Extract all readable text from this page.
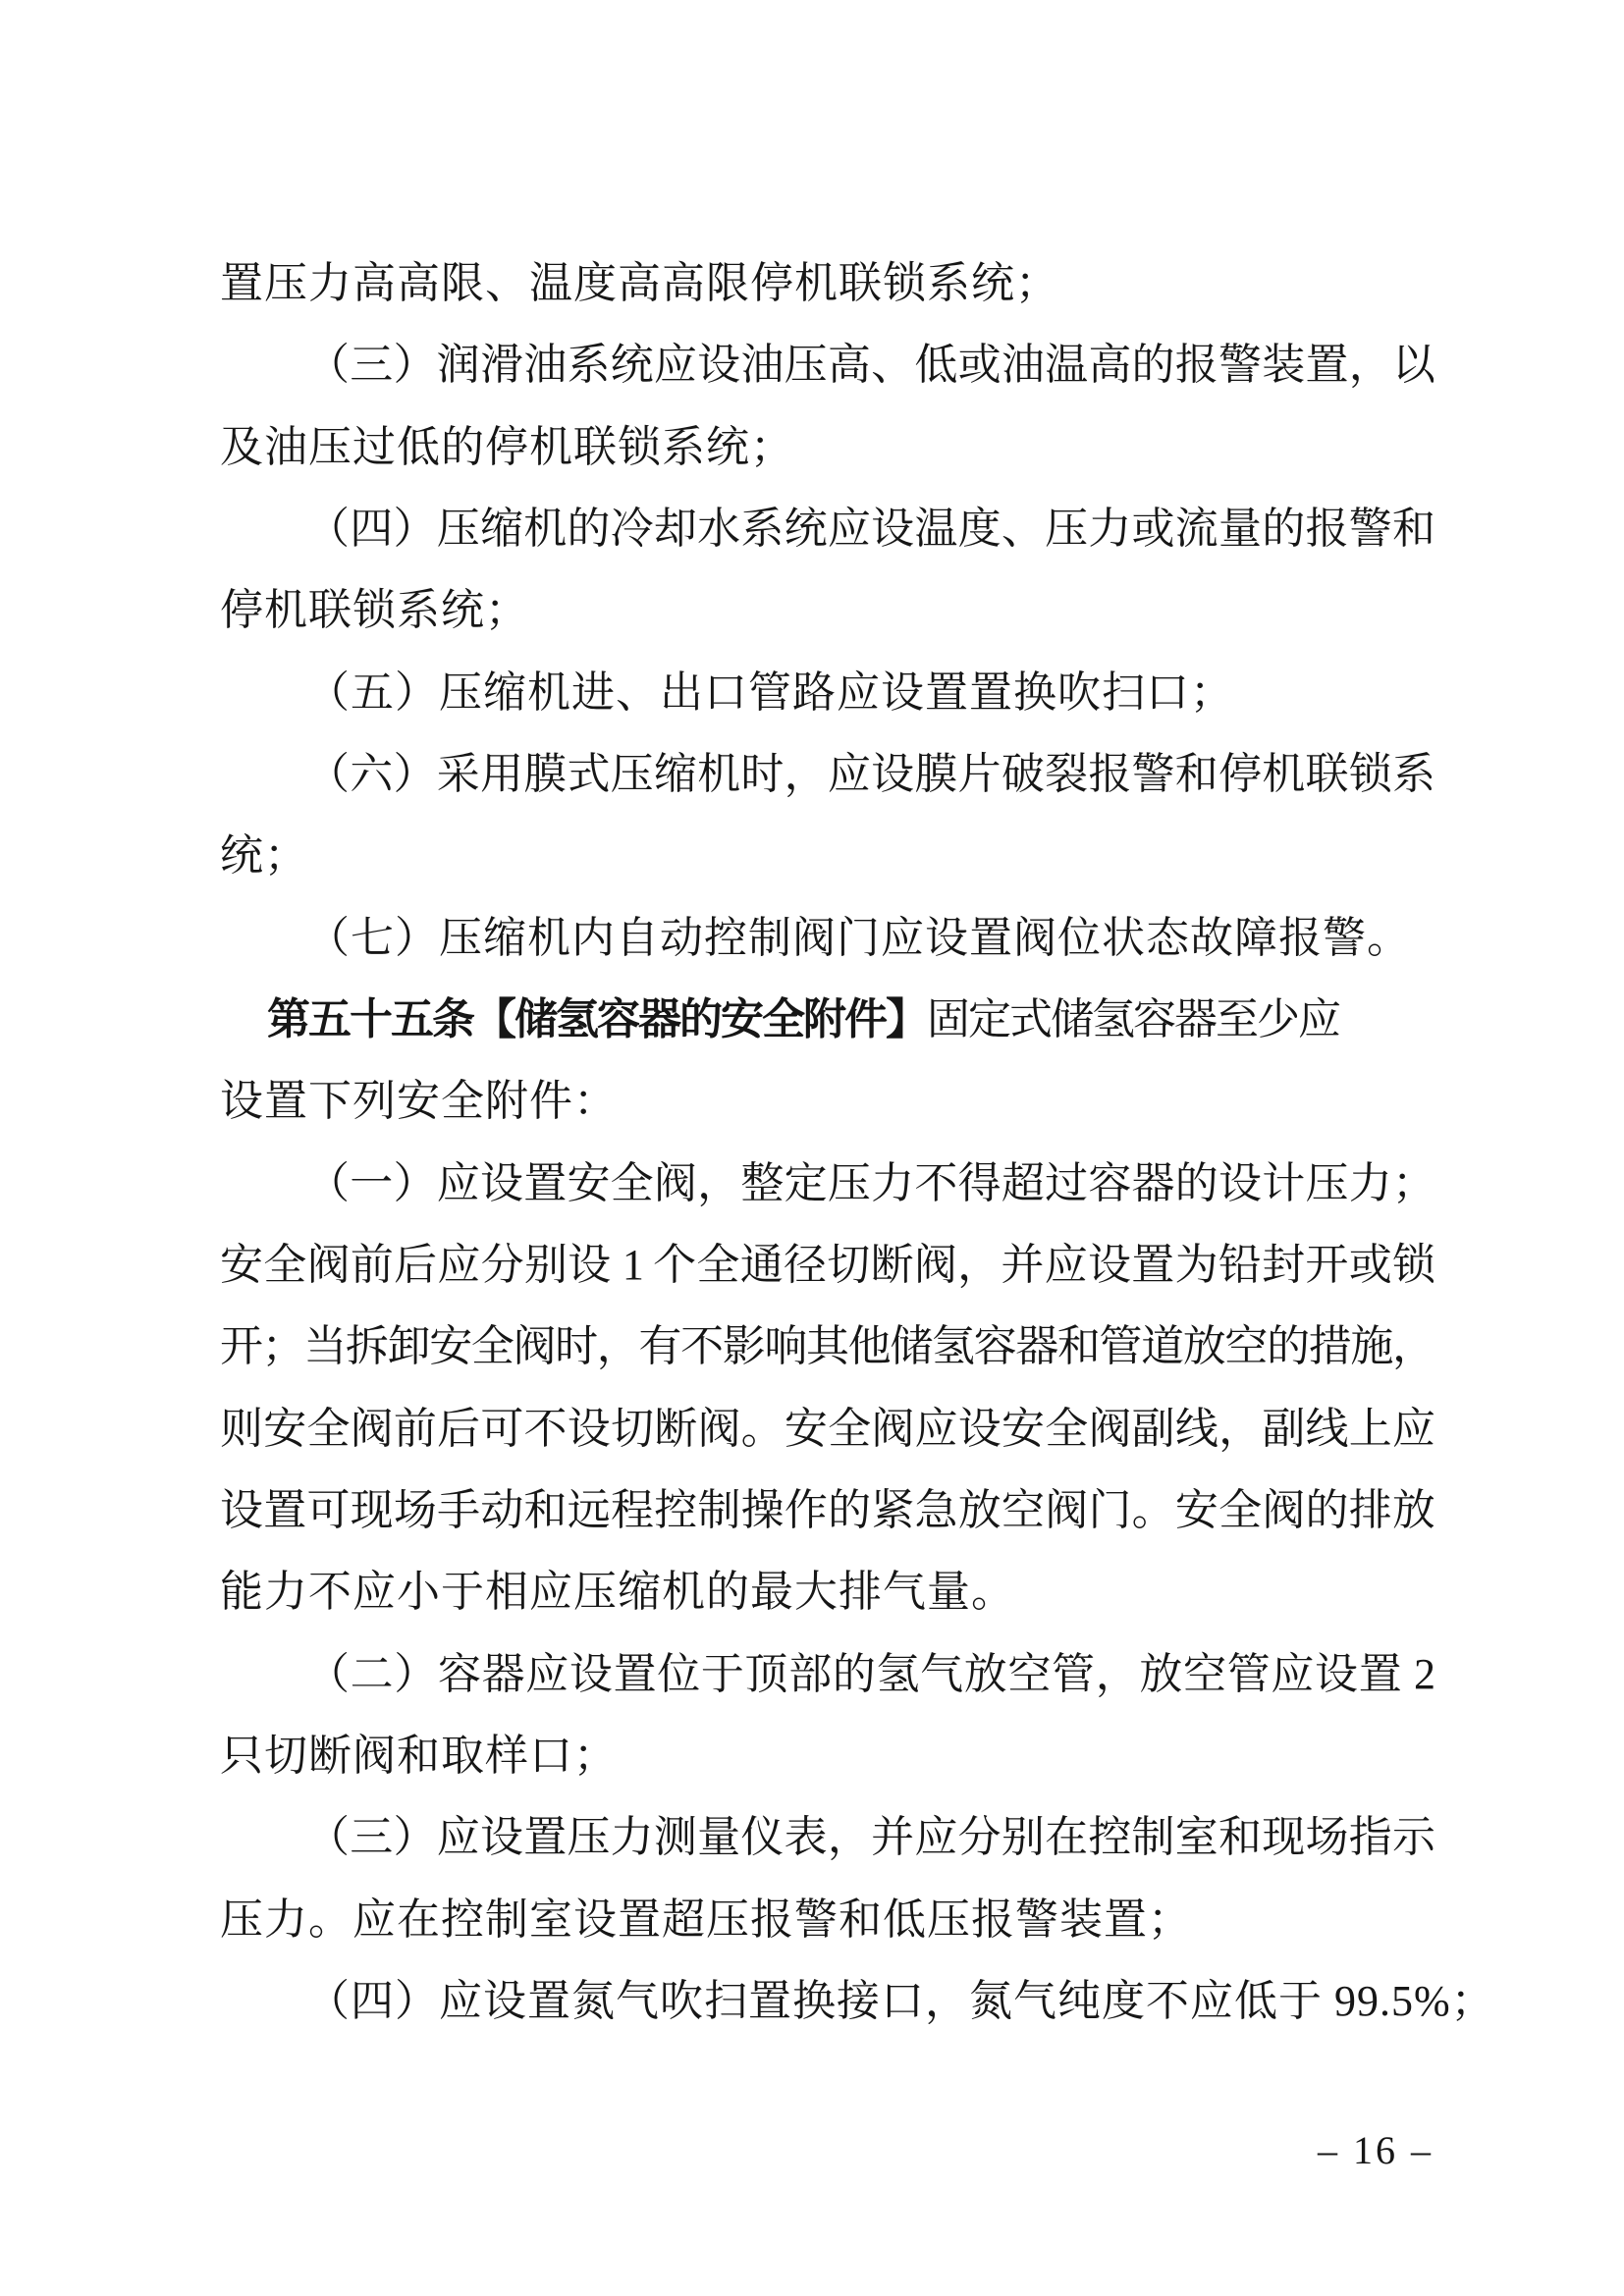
置压力高高限、温度高高限停机联锁系统；
（三）润滑油系统应设油压高、低或油温高的报警装置，以
及油压过低的停机联锁系统；
（四）压缩机的冷却水系统应设温度、压力或流量的报警和
停机联锁系统；
（五）压缩机进、出口管路应设置置换吹扫口；
（六）采用膜式压缩机时，应设膜片破裂报警和停机联锁系
统；
（七）压缩机内自动控制阀门应设置阀位状态故障报警。
第五十五条【储氢容器的安全附件】固定式储氢容器至少应
设置下列安全附件：
（一）应设置安全阀，整定压力不得超过容器的设计压力；
安全阀前后应分别设 1 个全通径切断阀，并应设置为铅封开或锁
开；当拆卸安全阀时，有不影响其他储氢容器和管道放空的措施，
则安全阀前后可不设切断阀。安全阀应设安全阀副线，副线上应
设置可现场手动和远程控制操作的紧急放空阀门。安全阀的排放
能力不应小于相应压缩机的最大排气量。
（二）容器应设置位于顶部的氢气放空管，放空管应设置 2
只切断阀和取样口；
（三）应设置压力测量仪表，并应分别在控制室和现场指示
压力。应在控制室设置超压报警和低压报警装置；
（四）应设置氮气吹扫置换接口，氮气纯度不应低于 99.5%；
– 16 –
